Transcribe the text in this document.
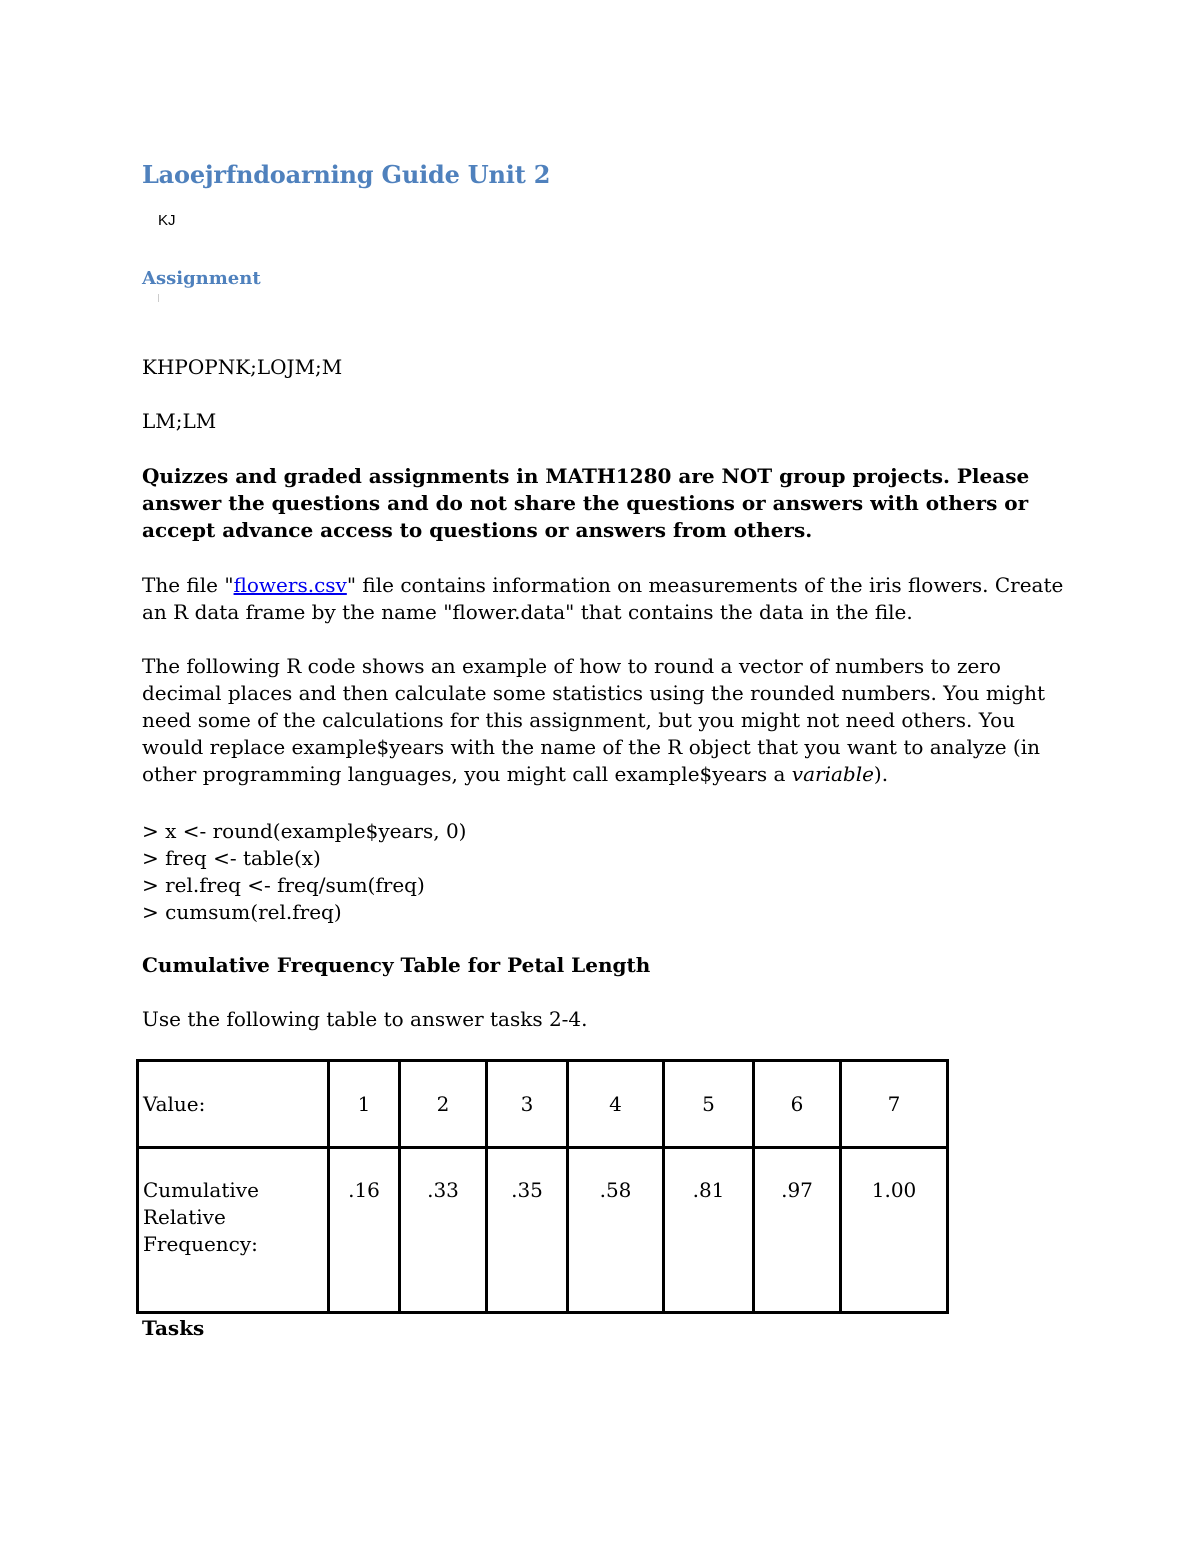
Laoejrfndoarning Guide Unit 2
KJ
Assignment
KHPOPNK;LOJM;M
LM;LM
Quizzes and graded assignments in MATH1280 are NOT group projects. Please answer the questions and do not share the questions or answers with others or accept advance access to questions or answers from others.
The file "flowers.csv" file contains information on measurements of the iris flowers. Create an R data frame by the name "flower.data" that contains the data in the file.
The following R code shows an example of how to round a vector of numbers to zero decimal places and then calculate some statistics using the rounded numbers. You might need some of the calculations for this assignment, but you might not need others. You would replace example$years with the name of the R object that you want to analyze (in other programming languages, you might call example$years a variable).
> x <- round(example$years, 0)
> freq <- table(x)
> rel.freq <- freq/sum(freq)
> cumsum(rel.freq)
Cumulative Frequency Table for Petal Length
Use the following table to answer tasks 2-4.
Value:	1	2	3	4	5	6	7
Cumulative Relative Frequency:	.16	.33	.35	.58	.81	.97	1.00
Tasks
